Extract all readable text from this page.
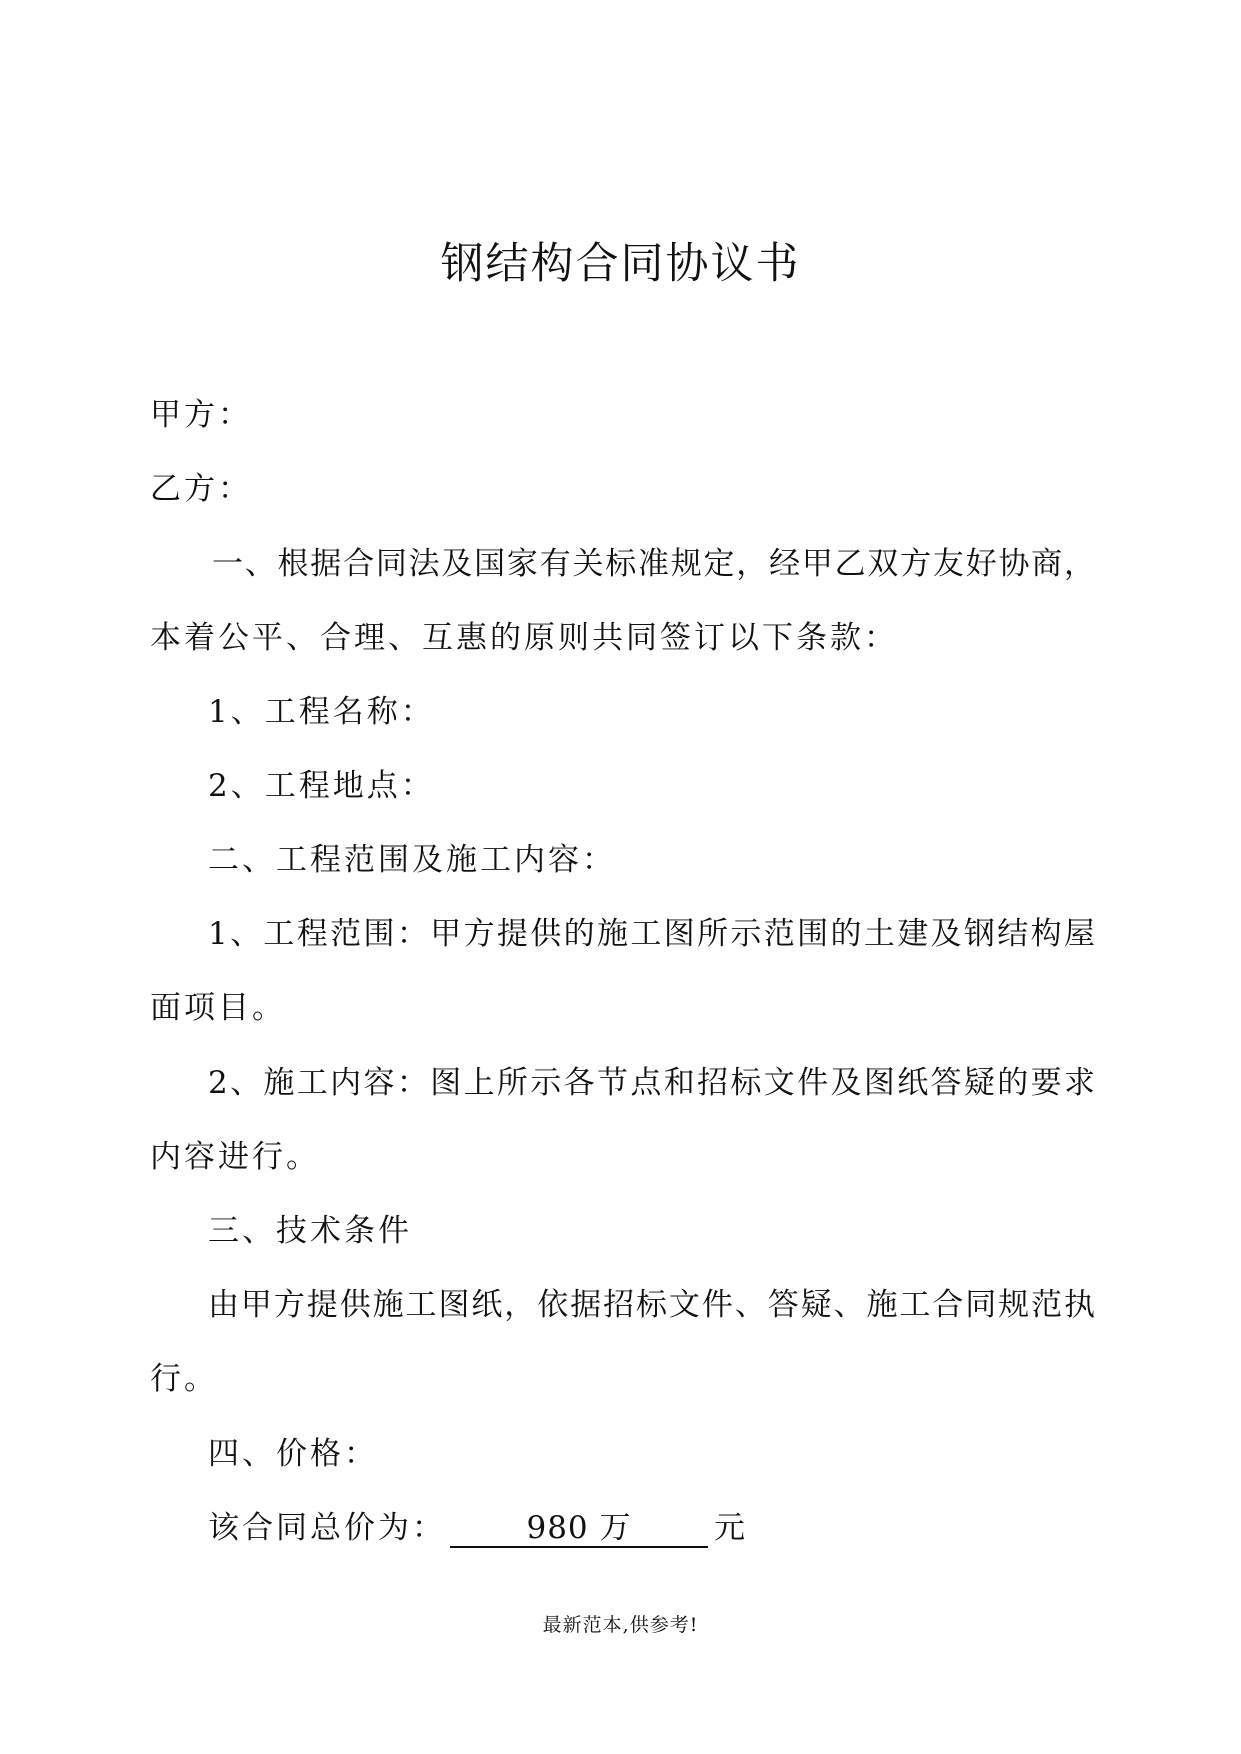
钢结构合同协议书
甲方：
乙方：
一、根据合同法及国家有关标准规定，经甲乙双方友好协商，
本着公平、合理、互惠的原则共同签订以下条款：
1、工程名称：
2、工程地点：
二、工程范围及施工内容：
1、工程范围：甲方提供的施工图所示范围的土建及钢结构屋
面项目。
2、施工内容：图上所示各节点和招标文件及图纸答疑的要求
内容进行。
三、技术条件
由甲方提供施工图纸，依据招标文件、答疑、施工合同规范执
行。
四、价格：
该合同总价为：	980 万	元
最新范本,供参考!
